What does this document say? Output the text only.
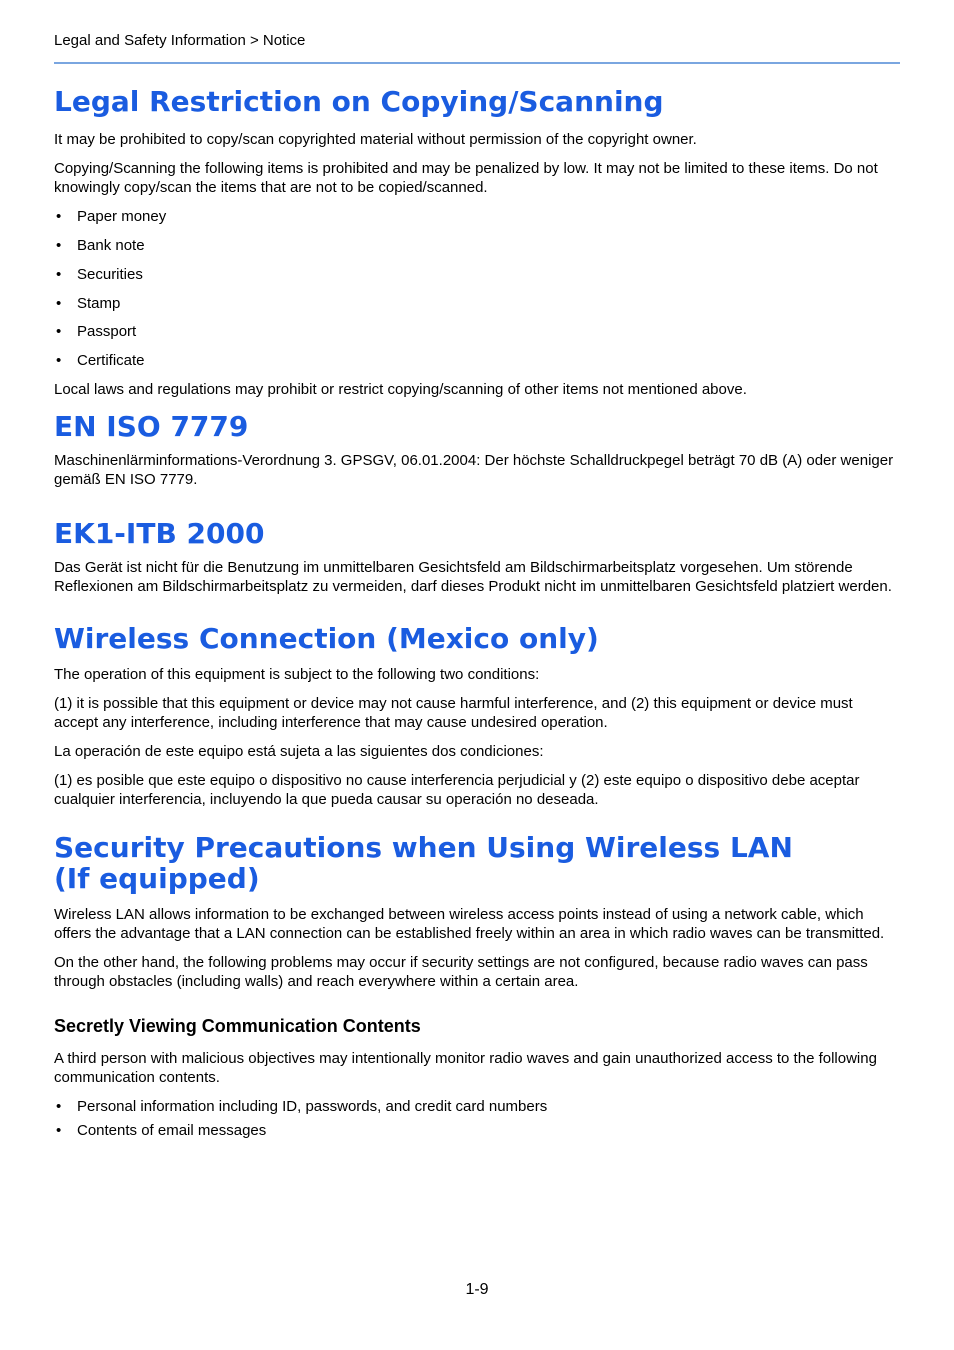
Legal and Safety Information > Notice
Legal Restriction on Copying/Scanning

It may be prohibited to copy/scan copyrighted material without permission of the copyright owner.

Copying/Scanning the following items is prohibited and may be penalized by low. It may not be limited to these items. Do not knowingly copy/scan the items that are not to be copied/scanned.

• Paper money
• Bank note
• Securities
• Stamp
• Passport
• Certificate

Local laws and regulations may prohibit or restrict copying/scanning of other items not mentioned above.

EN ISO 7779

Maschinenlärminformations-Verordnung 3. GPSGV, 06.01.2004: Der höchste Schalldruckpegel beträgt 70 dB (A) oder weniger gemäß EN ISO 7779.

EK1-ITB 2000

Das Gerät ist nicht für die Benutzung im unmittelbaren Gesichtsfeld am Bildschirmarbeitsplatz vorgesehen. Um störende Reflexionen am Bildschirmarbeitsplatz zu vermeiden, darf dieses Produkt nicht im unmittelbaren Gesichtsfeld platziert werden.

Wireless Connection (Mexico only)

The operation of this equipment is subject to the following two conditions:

(1) it is possible that this equipment or device may not cause harmful interference, and (2) this equipment or device must accept any interference, including interference that may cause undesired operation.

La operación de este equipo está sujeta a las siguientes dos condiciones:

(1) es posible que este equipo o dispositivo no cause interferencia perjudicial y (2) este equipo o dispositivo debe aceptar cualquier interferencia, incluyendo la que pueda causar su operación no deseada.

Security Precautions when Using Wireless LAN (If equipped)

Wireless LAN allows information to be exchanged between wireless access points instead of using a network cable, which offers the advantage that a LAN connection can be established freely within an area in which radio waves can be transmitted.

On the other hand, the following problems may occur if security settings are not configured, because radio waves can pass through obstacles (including walls) and reach everywhere within a certain area.

Secretly Viewing Communication Contents

A third person with malicious objectives may intentionally monitor radio waves and gain unauthorized access to the following communication contents.

• Personal information including ID, passwords, and credit card numbers
• Contents of email messages
1-9
